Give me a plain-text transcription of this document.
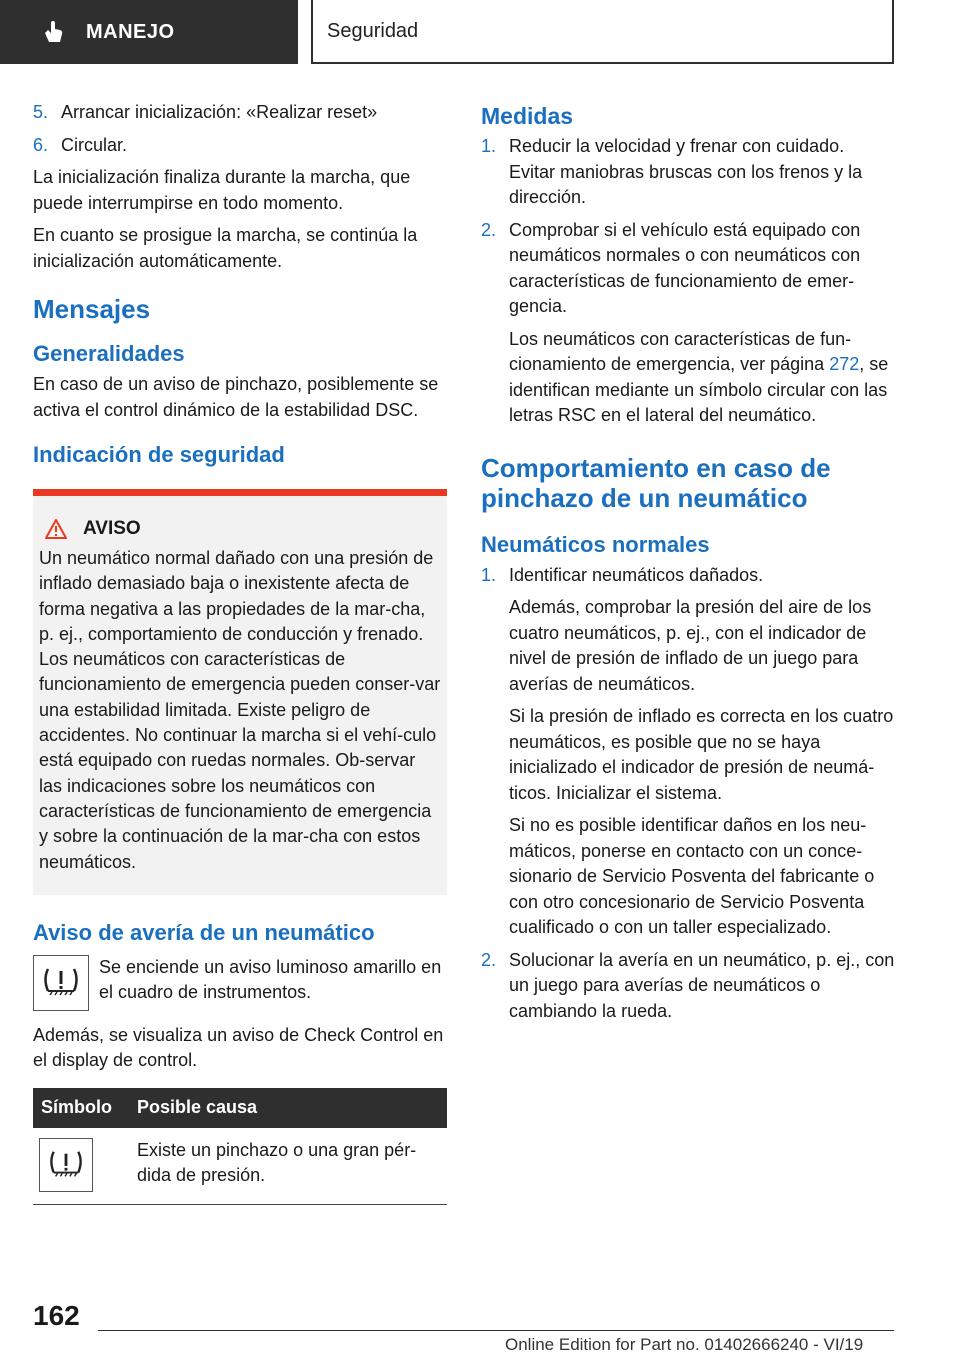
MANEJO	Seguridad
5. Arrancar inicialización: «Realizar reset»
6. Circular.

La inicialización finaliza durante la marcha, que puede interrumpirse en todo momento.

En cuanto se prosigue la marcha, se continúa la inicialización automáticamente.

Mensajes
Generalidades

En caso de un aviso de pinchazo, posiblemente se activa el control dinámico de la estabilidad DSC.

Indicación de seguridad
AVISO

Un neumático normal dañado con una presión de inflado demasiado baja o inexistente afecta de forma negativa a las propiedades de la mar-cha, p. ej., comportamiento de conducción y frenado. Los neumáticos con características de funcionamiento de emergencia pueden conser-var una estabilidad limitada. Existe peligro de accidentes. No continuar la marcha si el vehí-culo está equipado con ruedas normales. Ob-servar las indicaciones sobre los neumáticos con características de funcionamiento de emergencia y sobre la continuación de la mar-cha con estos neumáticos.

Aviso de avería de un neumático

Se enciende un aviso luminoso amarillo en el cuadro de instrumentos.

Además, se visualiza un aviso de Check Control en el display de control.

Símbolo	Posible causa

	Existe un pinchazo o una gran pér-dida de presión.
Medidas
1. Reducir la velocidad y frenar con cuidado. Evitar maniobras bruscas con los frenos y la dirección.
2. Comprobar si el vehículo está equipado con neumáticos normales o con neumáticos con características de funcionamiento de emer-gencia.

Los neumáticos con características de fun-cionamiento de emergencia, ver página 272, se identifican mediante un símbolo circular con las letras RSC en el lateral del neumático.

Comportamiento en caso de pinchazo de un neumático
Neumáticos normales
1. Identificar neumáticos dañados.

Además, comprobar la presión del aire de los cuatro neumáticos, p. ej., con el indicador de nivel de presión de inflado de un juego para averías de neumáticos.

Si la presión de inflado es correcta en los cuatro neumáticos, es posible que no se haya inicializado el indicador de presión de neumá-ticos. Inicializar el sistema.

Si no es posible identificar daños en los neu-máticos, ponerse en contacto con un conce-sionario de Servicio Posventa del fabricante o con otro concesionario de Servicio Posventa cualificado o con un taller especializado.

2. Solucionar la avería en un neumático, p. ej., con un juego para averías de neumáticos o cambiando la rueda.
162
Online Edition for Part no. 01402666240 - VI/19
